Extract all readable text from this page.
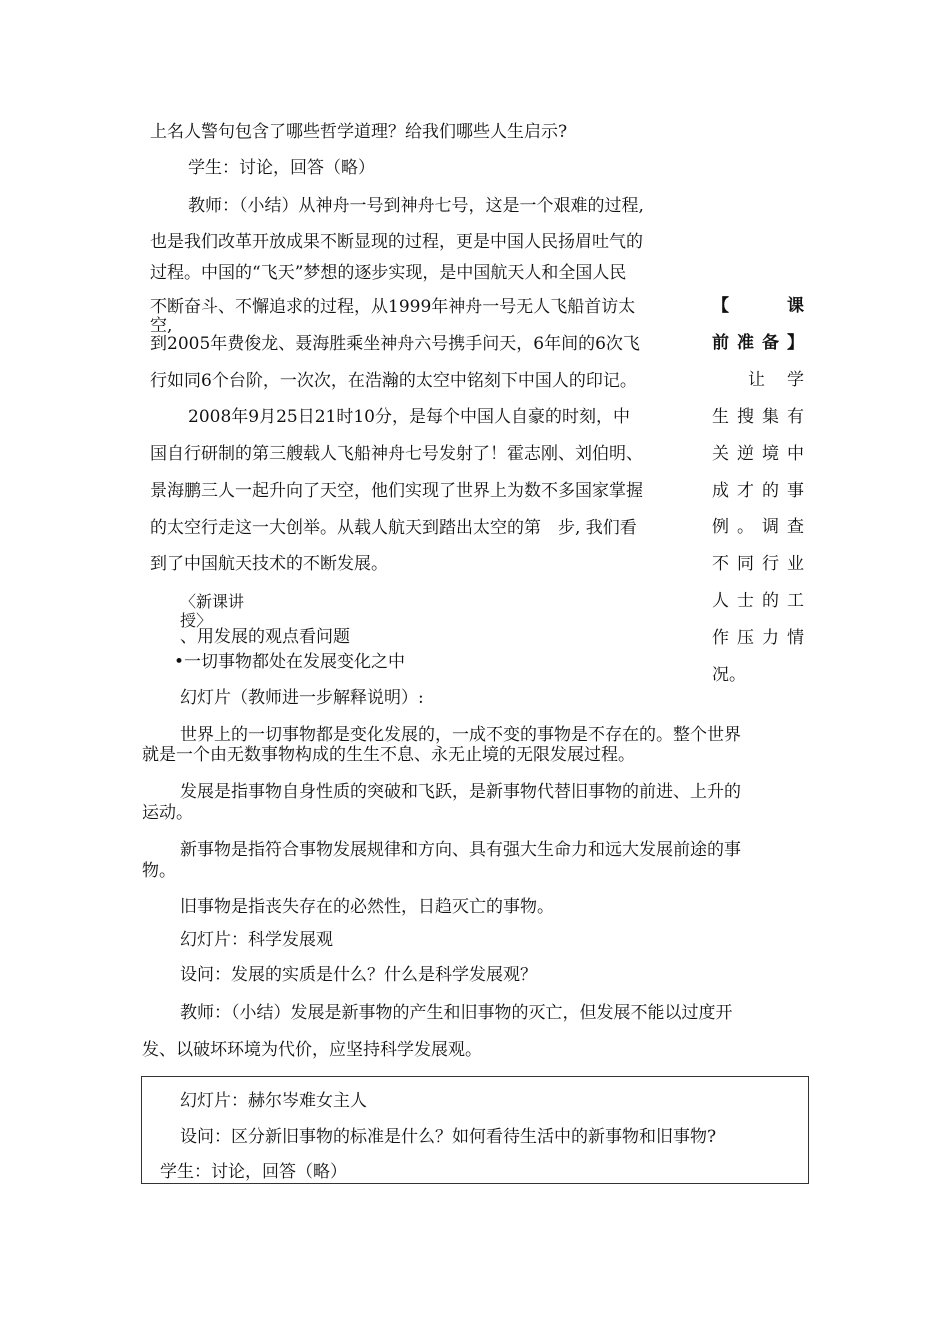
上名人警句包含了哪些哲学道理？给我们哪些人生启示?
学生：讨论，回答（略）
教师：（小结）从神舟一号到神舟七号，这是一个艰难的过程,
也是我们改革开放成果不断显现的过程，更是中国人民扬眉吐气的
过程。中国的“飞天”梦想的逐步实现，是中国航天人和全国人民
不断奋斗、不懈追求的过程，从1999年神舟一号无人飞船首访太
空,
到2005年费俊龙、聂海胜乘坐神舟六号携手问天，6年间的6次飞
行如同6个台阶，一次次，在浩瀚的太空中铭刻下中国人的印记。
2008年9月25日21时10分，是每个中国人自豪的时刻，中
国自行研制的第三艘载人飞船神舟七号发射了！霍志刚、刘伯明、
景海鹏三人一起升向了天空，他们实现了世界上为数不多国家掌握
的太空行走这一大创举。从载人航天到踏出太空的第　步, 我们看
到了中国航天技术的不断发展。
【课
前准备】
让学
生搜集有
关逆境中
成才的事
例。调查
不同行业
人士的工
作压力情
况。
〈新课讲
授〉
、用发展的观点看问题
•一切事物都处在发展变化之中
幻灯片（教师进一步解释说明）:
世界上的一切事物都是变化发展的，一成不变的事物是不存在的。整个世界
就是一个由无数事物构成的生生不息、永无止境的无限发展过程。
发展是指事物自身性质的突破和飞跃，是新事物代替旧事物的前进、上升的
运动。
新事物是指符合事物发展规律和方向、具有强大生命力和远大发展前途的事
物。
旧事物是指丧失存在的必然性，日趋灭亡的事物。
幻灯片：科学发展观
设问：发展的实质是什么？什么是科学发展观？
教师：（小结）发展是新事物的产生和旧事物的灭亡，但发展不能以过度开
发、以破坏环境为代价，应坚持科学发展观。
幻灯片：赫尔岑难女主人
设问：区分新旧事物的标准是什么？如何看待生活中的新事物和旧事物?
学生：讨论，回答（略）
